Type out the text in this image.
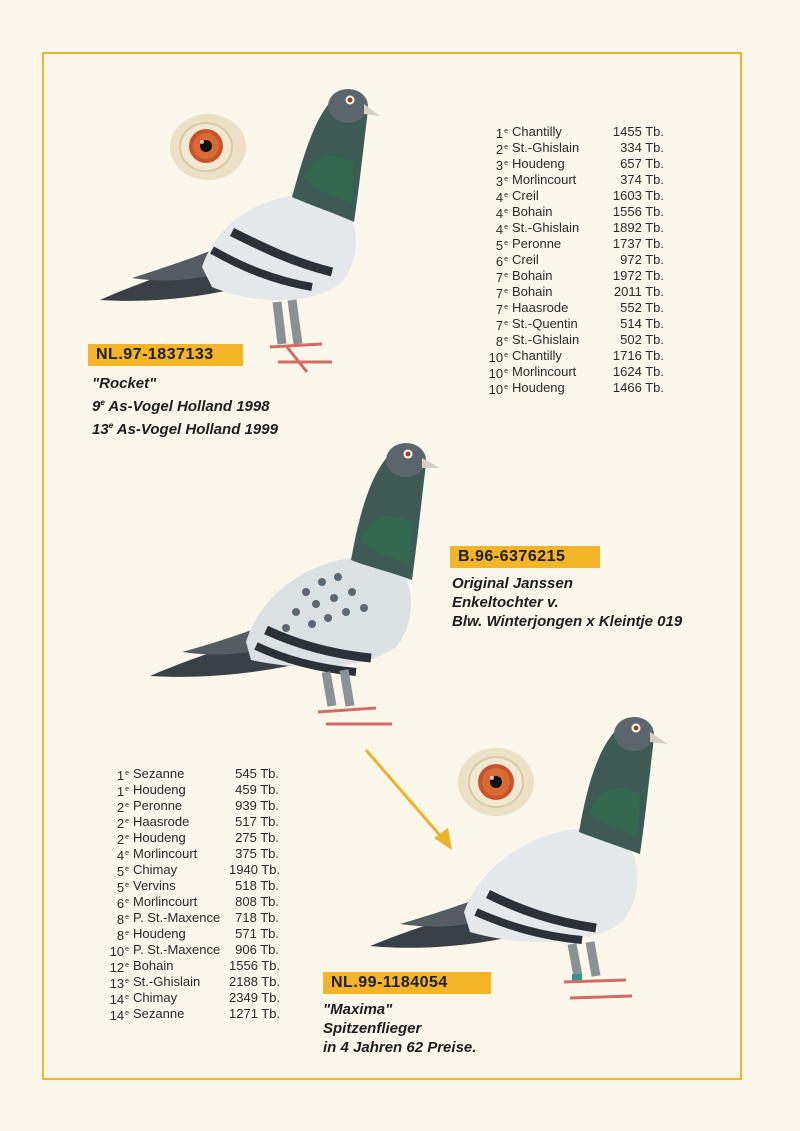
1e Chantilly	1455 Tb.
2e St.-Ghislain	334 Tb.
3e Houdeng	657 Tb.
3e Morlincourt	374 Tb.
4e Creil	1603 Tb.
4e Bohain	1556 Tb.
4e St.-Ghislain	1892 Tb.
5e Peronne	1737 Tb.
6e Creil	972 Tb.
7e Bohain	1972 Tb.
7e Bohain	2011 Tb.
7e Haasrode	552 Tb.
7e St.-Quentin	514 Tb.
8e St.-Ghislain	502 Tb.
10e Chantilly	1716 Tb.
10e Morlincourt	1624 Tb.
10e Houdeng	1466 Tb.
NL.97-1837133
"Rocket"
9e As-Vogel Holland 1998
13e As-Vogel Holland 1999
B.96-6376215
Original Janssen
Enkeltochter v.
Blw. Winterjongen x Kleintje 019
1e Sezanne	545 Tb.
1e Houdeng	459 Tb.
2e Peronne	939 Tb.
2e Haasrode	517 Tb.
2e Houdeng	275 Tb.
4e Morlincourt	375 Tb.
5e Chimay	1940 Tb.
5e Vervins	518 Tb.
6e Morlincourt	808 Tb.
8e P. St.-Maxence	718 Tb.
8e Houdeng	571 Tb.
10e P. St.-Maxence	906 Tb.
12e Bohain	1556 Tb.
13e St.-Ghislain	2188 Tb.
14e Chimay	2349 Tb.
14e Sezanne	1271 Tb.
NL.99-1184054
"Maxima"
Spitzenflieger
in 4 Jahren 62 Preise.
